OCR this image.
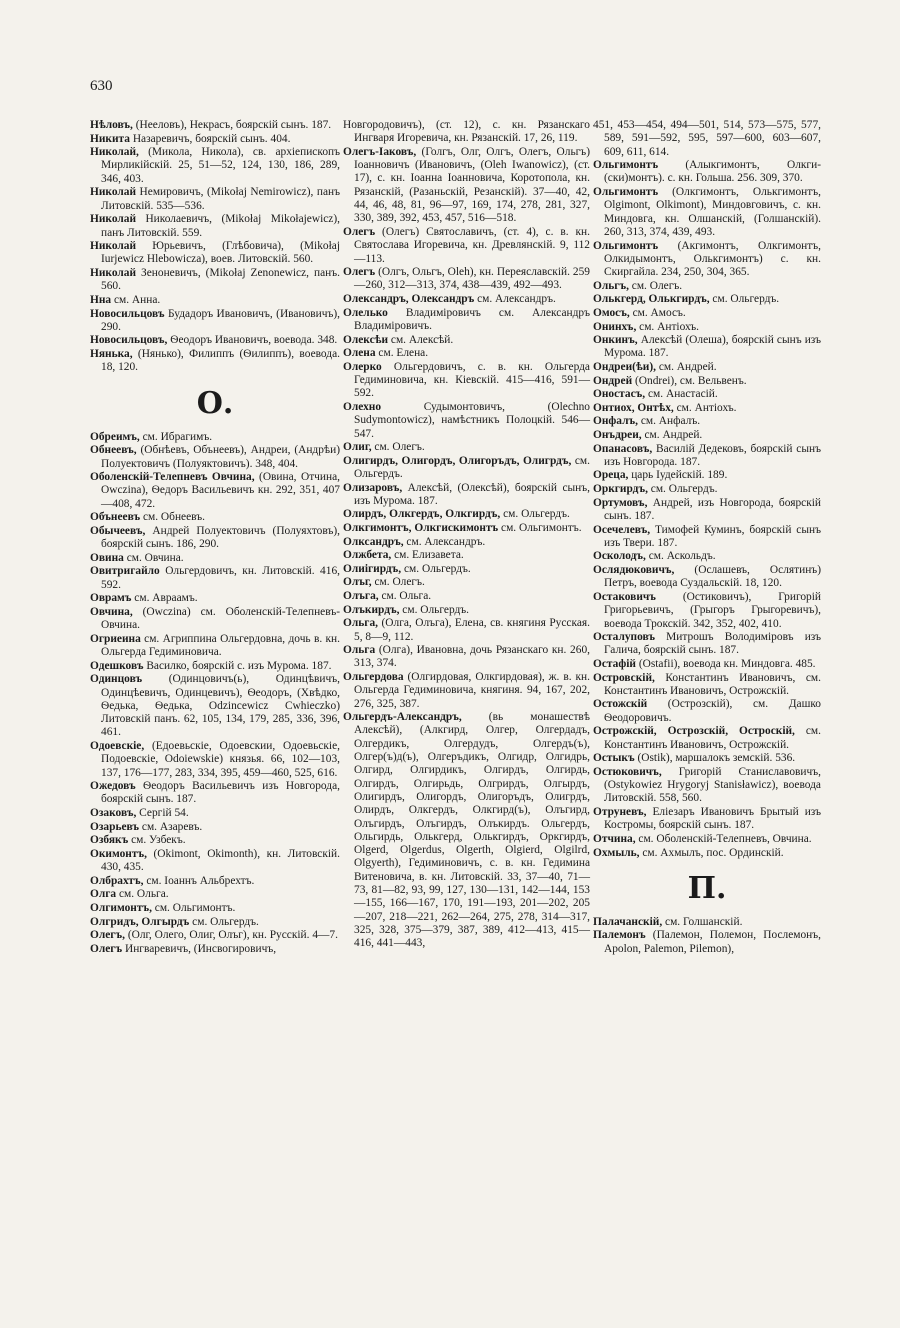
630

Нѣловъ, (Нееловъ), Некрасъ, боярскій сынъ. 187.

Никита Назаревичъ, боярскій сынъ. 404.

Николай, (Микола, Никола), св. архіепископъ Мирликійскій. 25, 51—52, 124, 130, 186, 289, 346, 403.

Николай Немировичъ, (Mikołaj Nemirowicz), панъ Литовскій. 535—536.

Николай Николаевичъ, (Mikołaj Mikołajewicz), панъ Литовскій. 559.

Николай Юрьевичъ, (Глѣбовича), (Mikołaj Iurjewicz Hlebowicza), воев. Литовскій. 560.

Николай Зеноневичъ, (Mikołaj Zenonewicz, панъ. 560.

Нна см. Анна.

Новосильцовъ Будадоръ Ивановичъ, (Ивановичъ), 290.

Новосильцовъ, Ѳеодоръ Ивановичъ, воевода. 348.

Нянька, (Нянько), Филиппъ (Ѳилиппъ), воевода. 18, 120.

О.

Обреимъ, см. Ибрагимъ.

Обнеевъ, (Обнѣевъ, Обънеевъ), Андреи, (Андрѣи) Полуектовичъ (Полуяктовичъ). 348, 404.

Оболенскій-Телепневъ Овчина, (Овина, Отчина, Owczina), Ѳедоръ Васильевичъ кн. 292, 351, 407—408, 472.

Обънеевъ см. Обнеевъ.

Обычеевъ, Андрей Полуектовичъ (Полуяхтовъ), боярскій сынъ. 186, 290.

Овина см. Овчина.

Овитригайло Ольгердовичъ, кн. Литовскій. 416, 592.

Оврамъ см. Авраамъ.

Овчина, (Owczina) см. Оболенскій-Телепневъ-Овчина.

Огриеина см. Агриппина Ольгердовна, дочь в. кн. Ольгерда Гедиминовича.

Одешковъ Василко, боярскій с. изъ Мурома. 187.

Одинцовъ (Одинцовичъ(ь), Одинцѣвичъ, Одинцѣевичъ, Одинцевичъ), Ѳеодоръ, (Хвѣдко, Ѳедька, Ѳедька, Odzincewicz Cwhieczko) Литовскій панъ. 62, 105, 134, 179, 285, 336, 396, 461.

Одоевскіе, (Едоевьскіе, Одоевскии, Одоевьскіе, Подоевскіе, Odoiewskie) князья. 66, 102—103, 137, 176—177, 283, 334, 395, 459—460, 525, 616.

Ожедовъ Ѳеодоръ Васильевичъ изъ Новгорода, боярскій сынъ. 187.

Озаковъ, Сергій 54.

Озарьевъ см. Азаревъ.

Озбякъ см. Узбекъ.

Окимонтъ, (Okimont, Okimonth), кн. Литовскій. 430, 435.

Олбрахтъ, см. Іоаннъ Альбрехтъ.

Олга см. Ольга.

Олгимонтъ, см. Ольгимонтъ.

Олгридъ, Олгырдъ см. Ольгердъ.

Олегъ, (Олг, Олего, Олиг, Олъг), кн. Русскій. 4—7.

Олегъ Ингваревичъ, (Инсвогировичъ,

Новгородовичъ), (ст. 12), с. кн. Рязанскаго Ингваря Игоревича, кн. Рязанскій. 17, 26, 119.

Олегъ-Іаковъ, (Голгъ, Олг, Олгъ, Олегъ, Ольгъ) Іоанновичъ (Ивановичъ, (Oleh Iwanowicz), (ст. 17), с. кн. Іоанна Іоанновича, Коротопола, кн. Рязанскій, (Разаньскій, Резанскій). 37—40, 42, 44, 46, 48, 81, 96—97, 169, 174, 278, 281, 327, 330, 389, 392, 453, 457, 516—518.

Олегъ (Олегъ) Святославичъ, (ст. 4), с. в. кн. Святослава Игоревича, кн. Древлянскій. 9, 112—113.

Олегъ (Олгъ, Ольгъ, Oleh), кн. Переяславскій. 259—260, 312—313, 374, 438—439, 492—493.

Олександръ, Олександръ см. Александръ.

Олелько Владиміровичъ см. Александръ Владиміровичъ.

Олексѣи см. Алексѣй.

Олена см. Елена.

Олерко Ольгердовичъ, с. в. кн. Ольгерда Гедиминовича, кн. Кіевскій. 415—416, 591—592.

Олехно Судымонтовичъ, (Olechno Sudymontowicz), намѣстникъ Полоцкій. 546—547.

Олиг, см. Олегъ.

Олигирдъ, Олигордъ, Олигоръдъ, Олигрдъ, см. Ольгердъ.

Олизаровъ, Алексѣй, (Олексѣй), боярскій сынъ, изъ Мурома. 187.

Олирдъ, Олкгердъ, Олкгирдъ, см. Ольгердъ.

Олкгимонтъ, Олкгискимонтъ см. Ольгимонтъ.

Олксандръ, см. Александръ.

Олжбета, см. Елизавета.

Олиігирдъ, см. Ольгердъ.

Олъг, см. Олегъ.

Олъга, см. Ольга.

Олъкирдъ, см. Ольгердъ.

Ольга, (Олга, Олъга), Елена, св. княгиня Русская. 5, 8—9, 112.

Ольга (Олга), Ивановна, дочь Рязанскаго кн. 260, 313, 374.

Ольгердова (Олгирдовая, Олкгирдовая), ж. в. кн. Ольгерда Гедиминовича, княгиня. 94, 167, 202, 276, 325, 387.

Ольгердъ-Александръ, (вь монашествѣ Алексѣй), (Алкгирд, Олгер, Олгердадъ, Олгердикъ, Олгердудъ, Олгердъ(ъ), Олгер(ъ)д(ъ), Олгеръдикъ, Олгидр, Олгидрь, Олгирд, Олгирдикъ, Олгирдъ, Олгирдь, Олгирдъ, Олгирьдь, Олгрирдъ, Олгырдъ, Олигирдъ, Олигордъ, Олигоръдъ, Олигрдъ, Олирдъ, Олкгердъ, Олкгирд(ъ), Олъгирд, Олъгирдъ, Олъгирдъ, Олъкирдъ. Ольгердъ, Ольгирдь, Олькгерд, Олькгирдъ, Оркгирдъ, Olgerd, Olgerdus, Olgerth, Olgierd, Olgilrd, Olgyerth), Гедиминовичъ, с. в. кн. Гедимина Витеновича, в. кн. Литовскій. 33, 37—40, 71—73, 81—82, 93, 99, 127, 130—131, 142—144, 153—155, 166—167, 170, 191—193, 201—202, 205—207, 218—221, 262—264, 275, 278, 314—317, 325, 328, 375—379, 387, 389, 412—413, 415—416, 441—443,

451, 453—454, 494—501, 514, 573—575, 577, 589, 591—592, 595, 597—600, 603—607, 609, 611, 614.

Ольгимонтъ (Алыкгимонтъ, Олкги-(ски)монтъ). с. кн. Гольша. 256. 309, 370.

Ольгимонтъ (Олкгимонтъ, Олькгимонтъ, Olgimont, Olkimont), Миндовговичъ, с. кн. Миндовга, кн. Олшанскій, (Голшанскій). 260, 313, 374, 439, 493.

Ольгимонтъ (Акгимонтъ, Олкгимонтъ, Олкидымонтъ, Олькгимонтъ) с. кн. Скиргайла. 234, 250, 304, 365.

Ольгъ, см. Олегъ.

Олькгерд, Олькгирдъ, см. Ольгердъ.

Омосъ, см. Амосъ.

Онинхъ, см. Антіохъ.

Онкинъ, Алексѣй (Олеша), боярскій сынъ изъ Мурома. 187.

Ондреи(ѣи), см. Андрей.

Ондрей (Ondrei), см. Вельвенъ.

Оностасъ, см. Анастасій.

Онтиох, Онтѣх, см. Антіохъ.

Онфалъ, см. Анфалъ.

Онъдреи, см. Андрей.

Опанасовъ, Василій Дедековъ, боярскій сынъ изъ Новгорода. 187.

Ореца, царь Іудейскій. 189.

Оркгирдъ, см. Ольгердъ.

Ортумовъ, Андрей, изъ Новгорода, боярскій сынъ. 187.

Осечелевъ, Тимофей Куминъ, боярскій сынъ изъ Твери. 187.

Осколодъ, см. Аскольдъ.

Ослядюковичъ, (Ослашевъ, Ослятинъ) Петръ, воевода Суздальскій. 18, 120.

Остаковичъ (Остиковичъ), Григорій Григорьевичъ, (Грыгоръ Грыгоревичъ), воевода Трокскій. 342, 352, 402, 410.

Осталуповъ Митрошъ Володиміровъ изъ Галича, боярскій сынъ. 187.

Остафій (Ostafii), воевода кн. Миндовга. 485.

Островскій, Константинъ Ивановичъ, см. Константинъ Ивановичъ, Острожскій.

Остожскій (Острозскій), см. Дашко Ѳеодоровичъ.

Острожскій, Острозскій, Остроскій, см. Константинъ Ивановичъ, Острожскій.

Остыкъ (Ostik), маршалокъ земскій. 536.

Остюковичъ, Григорій Станиславовичъ, (Ostykowiez Hrygoryj Stanisławicz), воевода Литовскій. 558, 560.

Отруневъ, Еліезаръ Ивановичъ Брытый изъ Костромы, боярскій сынъ. 187.

Отчина, см. Оболенскій-Телепневъ, Овчина.

Охмыль, см. Ахмылъ, пос. Ординскій.

П.

Палачанскій, см. Голшанскій.

Палемонъ (Палемон, Полемон, Послемонъ, Apolon, Palemon, Pilemon),
